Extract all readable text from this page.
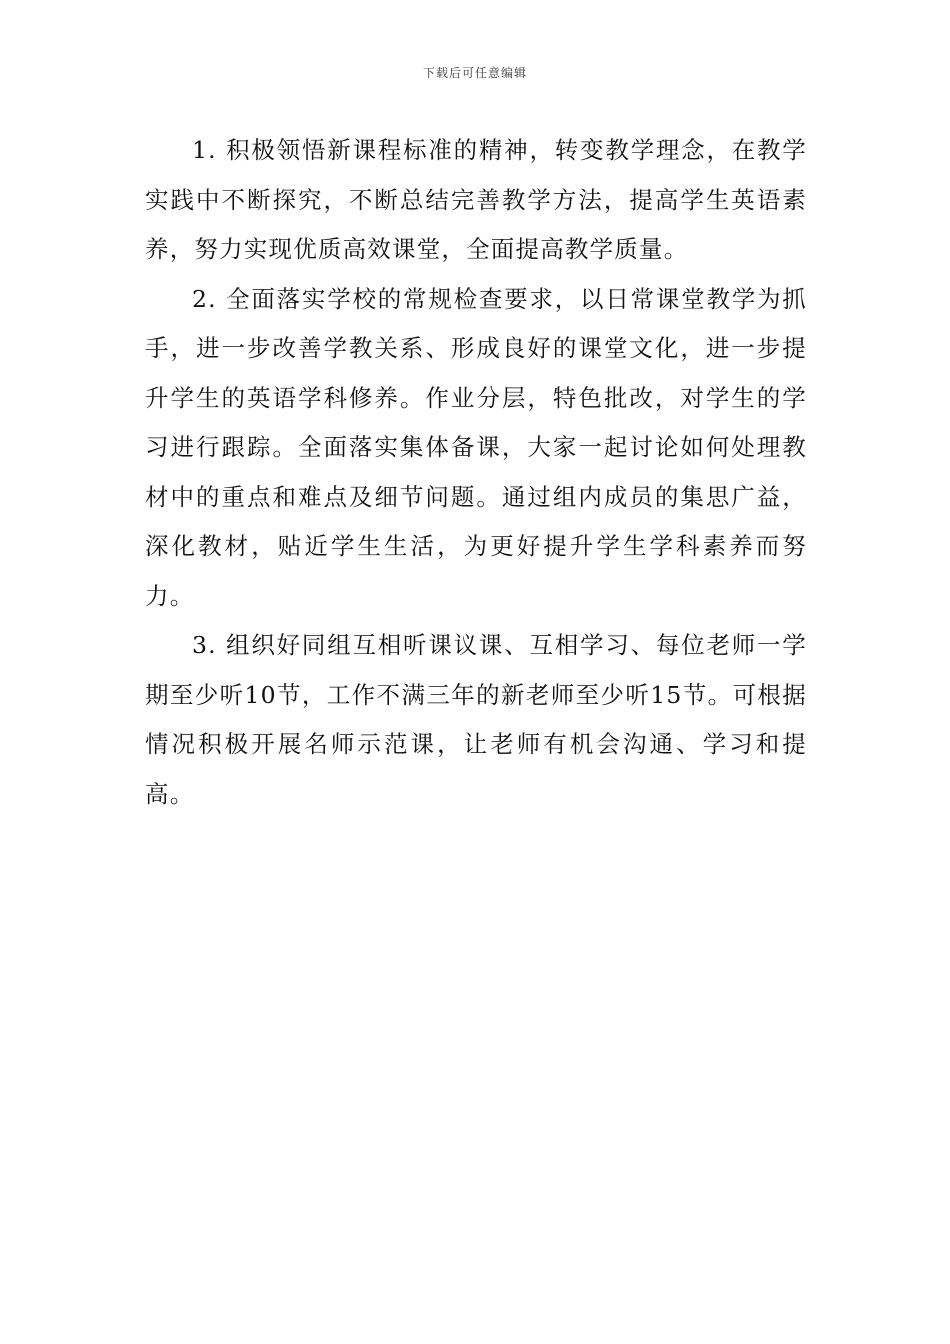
下载后可任意编辑

1. 积极领悟新课程标准的精神，转变教学理念，在教学实践中不断探究，不断总结完善教学方法，提高学生英语素养，努力实现优质高效课堂，全面提高教学质量。

2. 全面落实学校的常规检查要求，以日常课堂教学为抓手，进一步改善学教关系、形成良好的课堂文化，进一步提升学生的英语学科修养。作业分层，特色批改，对学生的学习进行跟踪。全面落实集体备课，大家一起讨论如何处理教材中的重点和难点及细节问题。通过组内成员的集思广益，深化教材，贴近学生生活，为更好提升学生学科素养而努力。

3. 组织好同组互相听课议课、互相学习、每位老师一学期至少听10节，工作不满三年的新老师至少听15节。可根据情况积极开展名师示范课，让老师有机会沟通、学习和提高。
